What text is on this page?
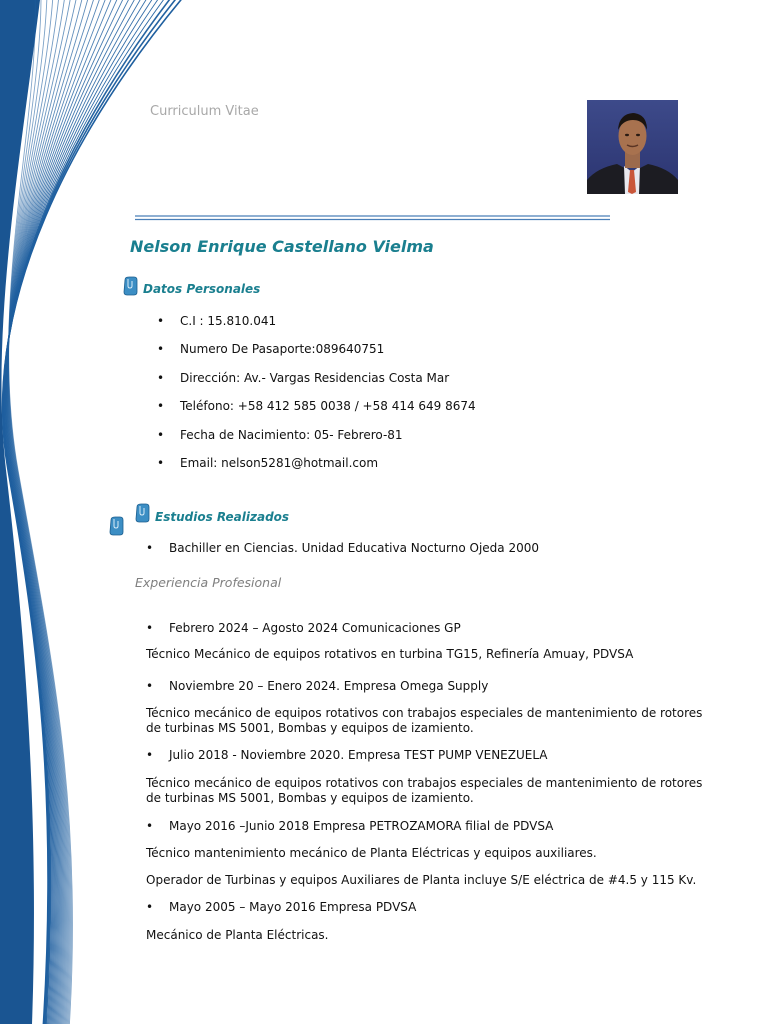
Curriculum Vitae
Nelson Enrique Castellano Vielma
Datos Personales
• C.I : 15.810.041
• Numero De Pasaporte:089640751
• Dirección: Av.- Vargas Residencias Costa Mar
• Teléfono: +58 412 585 0038 / +58 414 649 8674
• Fecha de Nacimiento: 05- Febrero-81
• Email: nelson5281@hotmail.com
Estudios Realizados
• Bachiller en Ciencias. Unidad Educativa Nocturno Ojeda 2000
Experiencia Profesional
• Febrero 2024 – Agosto 2024 Comunicaciones GP
Técnico Mecánico de equipos rotativos en turbina TG15, Refinería Amuay, PDVSA
• Noviembre 20 – Enero 2024. Empresa Omega Supply
Técnico mecánico de equipos rotativos con trabajos especiales de mantenimiento de rotores de turbinas MS 5001, Bombas y equipos de izamiento.
• Julio 2018 - Noviembre 2020. Empresa TEST PUMP VENEZUELA
Técnico mecánico de equipos rotativos con trabajos especiales de mantenimiento de rotores de turbinas MS 5001, Bombas y equipos de izamiento.
• Mayo 2016 –Junio 2018 Empresa PETROZAMORA filial de PDVSA
Técnico mantenimiento mecánico de Planta Eléctricas y equipos auxiliares.
Operador de Turbinas y equipos Auxiliares de Planta incluye S/E eléctrica de #4.5 y 115 Kv.
• Mayo 2005 – Mayo 2016 Empresa PDVSA
Mecánico de Planta Eléctricas.
